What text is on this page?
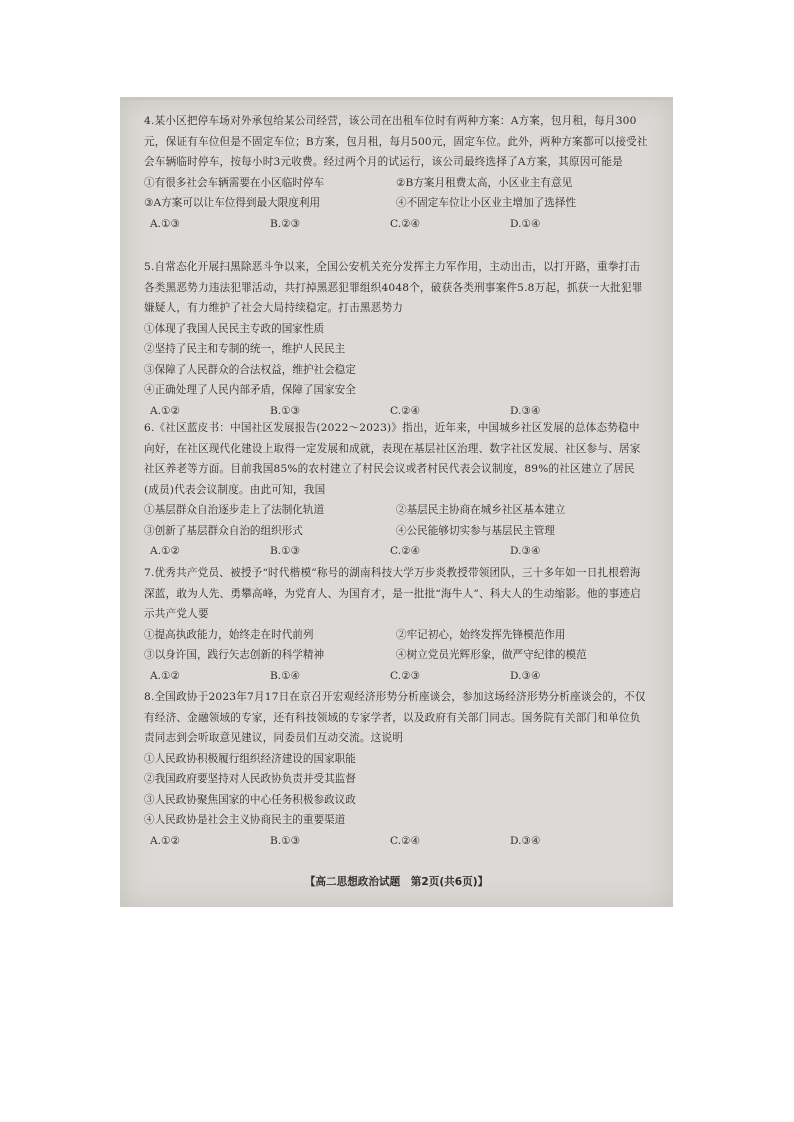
4.某小区把停车场对外承包给某公司经营，该公司在出租车位时有两种方案：A方案，包月租，每月300元，保证有车位但是不固定车位；B方案，包月租，每月500元，固定车位。此外，两种方案都可以接受社会车辆临时停车，按每小时3元收费。经过两个月的试运行，该公司最终选择了A方案，其原因可能是
①有很多社会车辆需要在小区临时停车	②B方案月租费太高，小区业主有意见
③A方案可以让车位得到最大限度利用	④不固定车位让小区业主增加了选择性
A.①③	B.②③	C.②④	D.①④
5.自常态化开展扫黑除恶斗争以来，全国公安机关充分发挥主力军作用，主动出击，以打开路，重拳打击各类黑恶势力违法犯罪活动，共打掉黑恶犯罪组织4048个，破获各类刑事案件5.8万起，抓获一大批犯罪嫌疑人，有力维护了社会大局持续稳定。打击黑恶势力
①体现了我国人民民主专政的国家性质
②坚持了民主和专制的统一，维护人民民主
③保障了人民群众的合法权益，维护社会稳定
④正确处理了人民内部矛盾，保障了国家安全
A.①②	B.①③	C.②④	D.③④
6.《社区蓝皮书：中国社区发展报告(2022～2023)》指出，近年来，中国城乡社区发展的总体态势稳中向好，在社区现代化建设上取得一定发展和成就，表现在基层社区治理、数字社区发展、社区参与、居家社区养老等方面。目前我国85%的农村建立了村民会议或者村民代表会议制度，89%的社区建立了居民(成员)代表会议制度。由此可知，我国
①基层群众自治逐步走上了法制化轨道	②基层民主协商在城乡社区基本建立
③创新了基层群众自治的组织形式	④公民能够切实参与基层民主管理
A.①②	B.①③	C.②④	D.③④
7.优秀共产党员、被授予“时代楷模”称号的湖南科技大学万步炎教授带领团队，三十多年如一日扎根碧海深蓝，敢为人先、勇攀高峰，为党育人、为国育才，是一批批“海牛人”、科大人的生动缩影。他的事迹启示共产党人要
①提高执政能力，始终走在时代前列	②牢记初心，始终发挥先锋模范作用
③以身许国，践行矢志创新的科学精神	④树立党员光辉形象，做严守纪律的模范
A.①②	B.①④	C.②③	D.③④
8.全国政协于2023年7月17日在京召开宏观经济形势分析座谈会，参加这场经济形势分析座谈会的，不仅有经济、金融领域的专家，还有科技领域的专家学者，以及政府有关部门同志。国务院有关部门和单位负责同志到会听取意见建议，同委员们互动交流。这说明
①人民政协积极履行组织经济建设的国家职能
②我国政府要坚持对人民政协负责并受其监督
③人民政协聚焦国家的中心任务积极参政议政
④人民政协是社会主义协商民主的重要渠道
A.①②	B.①③	C.②④	D.③④
【高二思想政治试题　第2页(共6页)】
